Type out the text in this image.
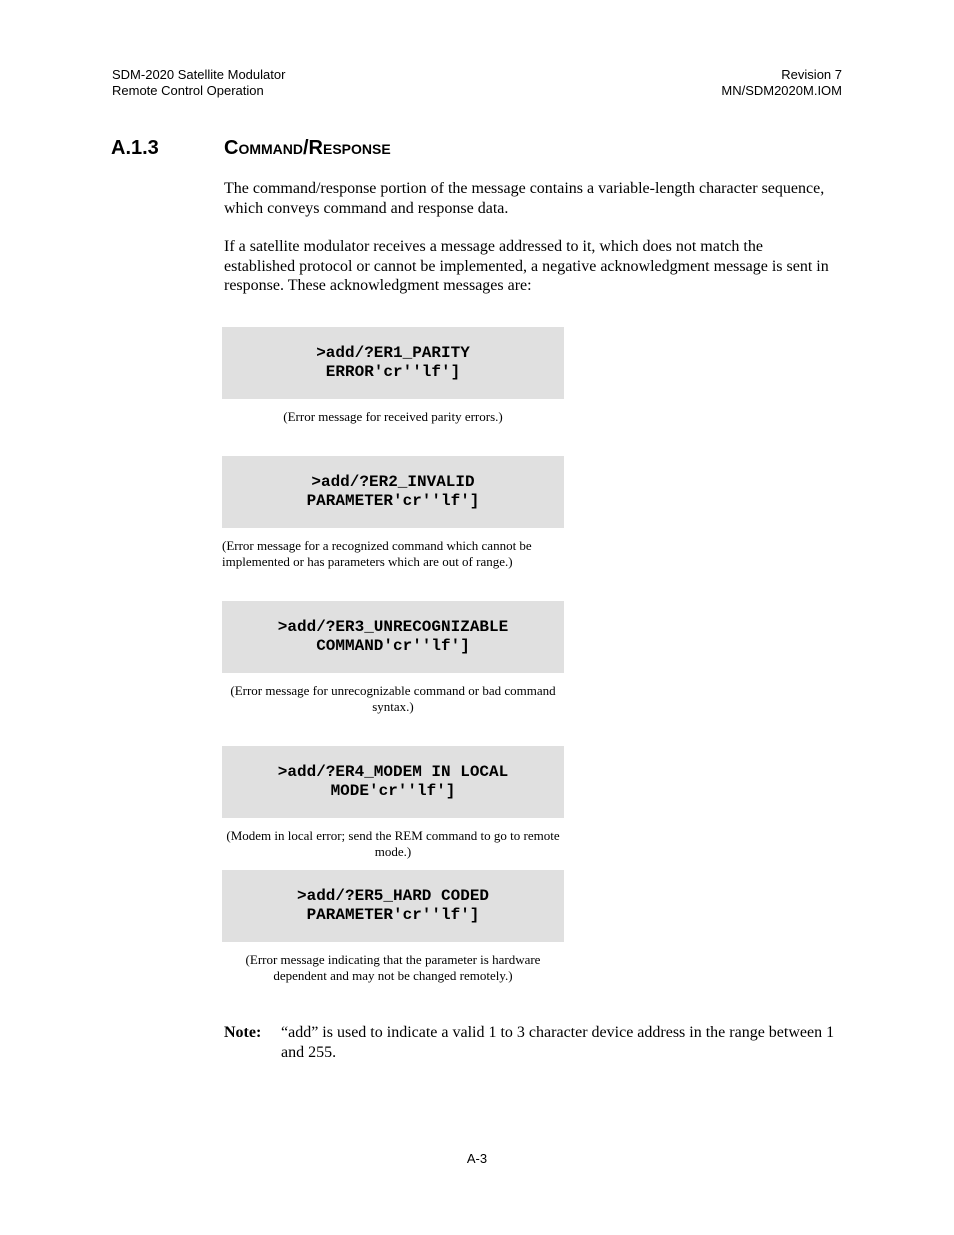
SDM-2020 Satellite Modulator
Remote Control Operation
Revision 7
MN/SDM2020M.IOM
A.1.3	Command/Response

The command/response portion of the message contains a variable-length character sequence, which conveys command and response data.

If a satellite modulator receives a message addressed to it, which does not match the established protocol or cannot be implemented, a negative acknowledgment message is sent in response. These acknowledgment messages are:

>add/?ER1_PARITY
ERROR'cr''lf']
(Error message for received parity errors.)
>add/?ER2_INVALID
PARAMETER'cr''lf']
(Error message for a recognized command which cannot be implemented or has parameters which are out of range.)
>add/?ER3_UNRECOGNIZABLE
COMMAND'cr''lf']
(Error message for unrecognizable command or bad command syntax.)
>add/?ER4_MODEM IN LOCAL
MODE'cr''lf']
(Modem in local error; send the REM command to go to remote mode.)
>add/?ER5_HARD CODED
PARAMETER'cr''lf']
(Error message indicating that the parameter is hardware dependent and may not be changed remotely.)
Note: “add” is used to indicate a valid 1 to 3 character device address in the range between 1 and 255.
A-3
